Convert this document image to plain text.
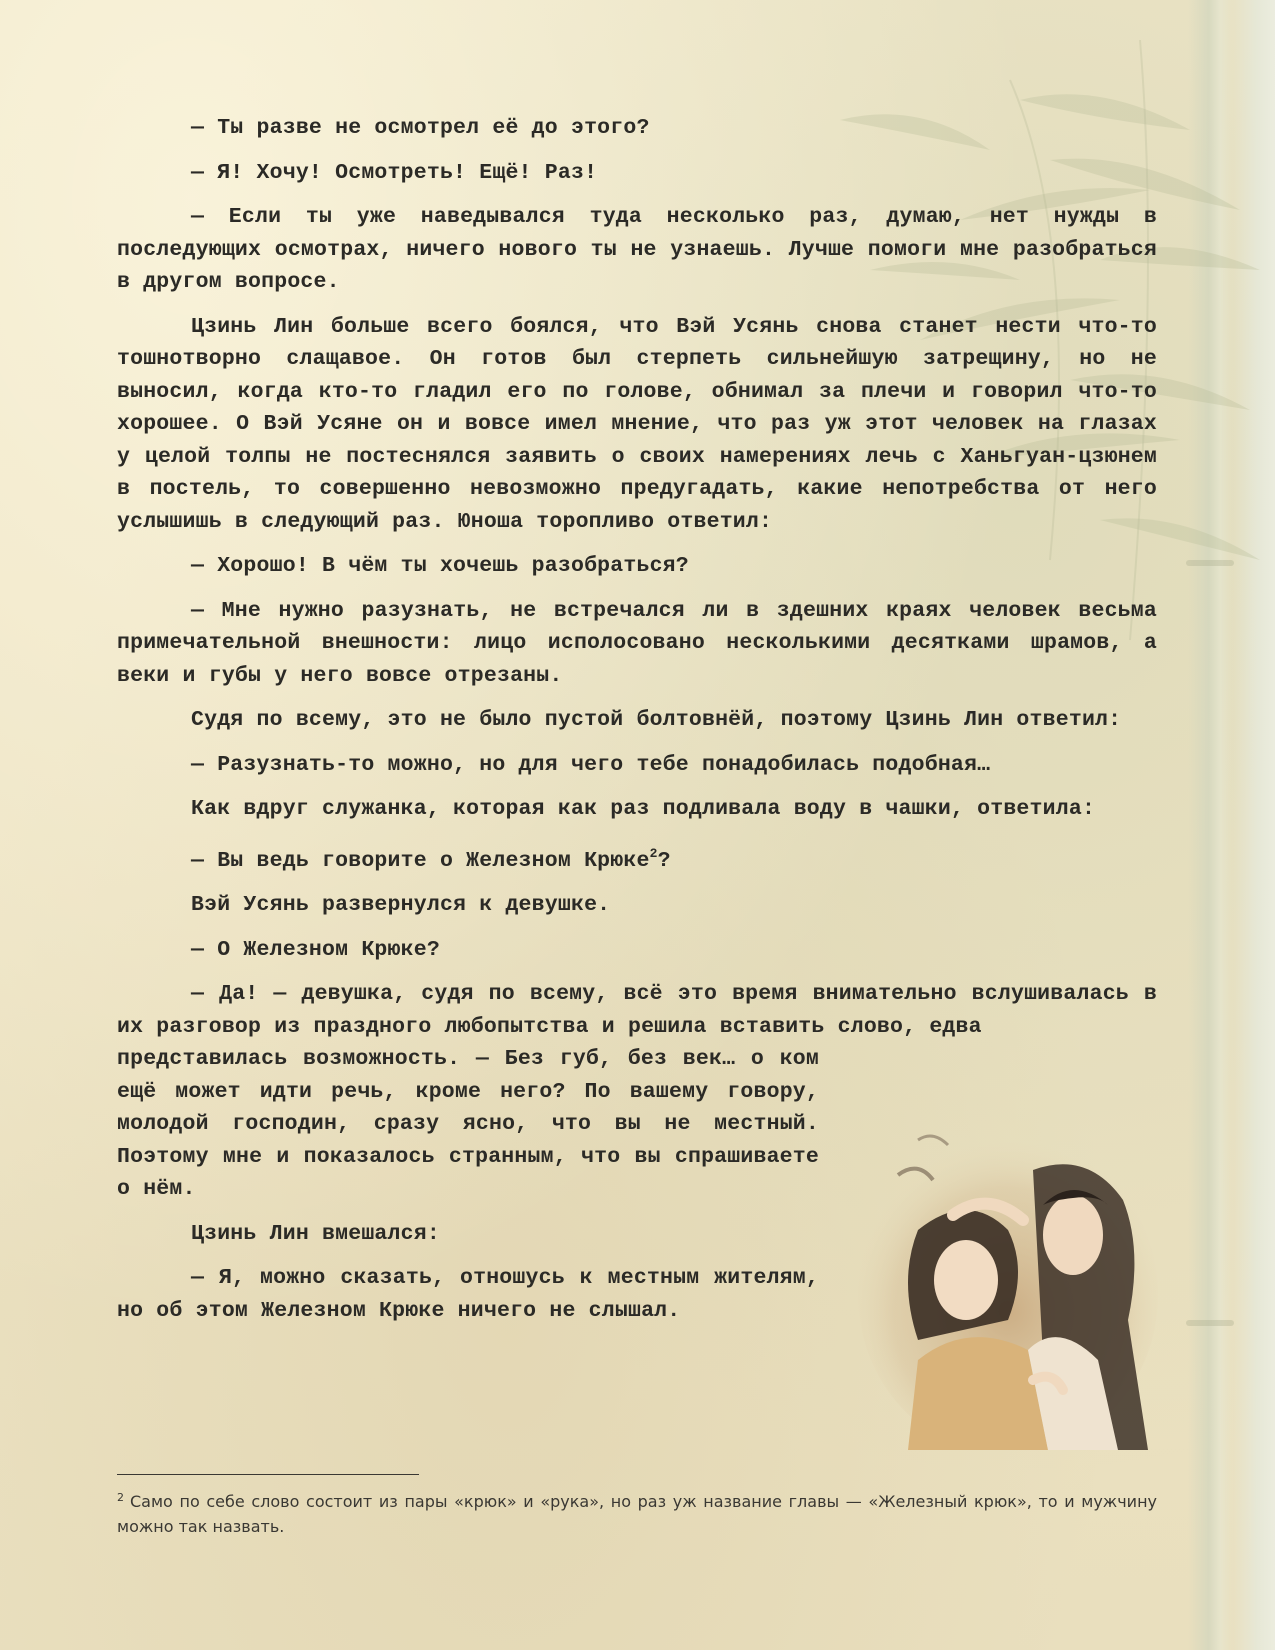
— Ты разве не осмотрел её до этого?

— Я! Хочу! Осмотреть! Ещё! Раз!

— Если ты уже наведывался туда несколько раз, думаю, нет нужды в последующих осмотрах, ничего нового ты не узнаешь. Лучше помоги мне разобраться в другом вопросе.

Цзинь Лин больше всего боялся, что Вэй Усянь снова станет нести что-то тошнотворно слащавое. Он готов был стерпеть сильнейшую затрещину, но не выносил, когда кто-то гладил его по голове, обнимал за плечи и говорил что-то хорошее. О Вэй Усяне он и вовсе имел мнение, что раз уж этот человек на глазах у целой толпы не постеснялся заявить о своих намерениях лечь с Ханьгуан-цзюнем в постель, то совершенно невозможно предугадать, какие непотребства от него услышишь в следующий раз. Юноша торопливо ответил:

— Хорошо! В чём ты хочешь разобраться?

— Мне нужно разузнать, не встречался ли в здешних краях человек весьма примечательной внешности: лицо исполосовано несколькими десятками шрамов, а веки и губы у него вовсе отрезаны.

Судя по всему, это не было пустой болтовнёй, поэтому Цзинь Лин ответил:

— Разузнать-то можно, но для чего тебе понадобилась подобная…

Как вдруг служанка, которая как раз подливала воду в чашки, ответила:

— Вы ведь говорите о Железном Крюке$^2$?

Вэй Усянь развернулся к девушке.

— О Железном Крюке?

— Да! — девушка, судя по всему, всё это время внимательно вслушивалась в их разговор из праздного любопытства и решила вставить слово, едва

представилась возможность. — Без губ, без век… о ком ещё может идти речь, кроме него? По вашему говору, молодой господин, сразу ясно, что вы не местный. Поэтому мне и показалось странным, что вы спрашиваете о нём.

Цзинь Лин вмешался:

— Я, можно сказать, отношусь к местным жителям, но об этом Железном Крюке ничего не слышал.

$^2$ Само по себе слово состоит из пары «крюк» и «рука», но раз уж название главы — «Железный крюк», то и мужчину можно так назвать.
